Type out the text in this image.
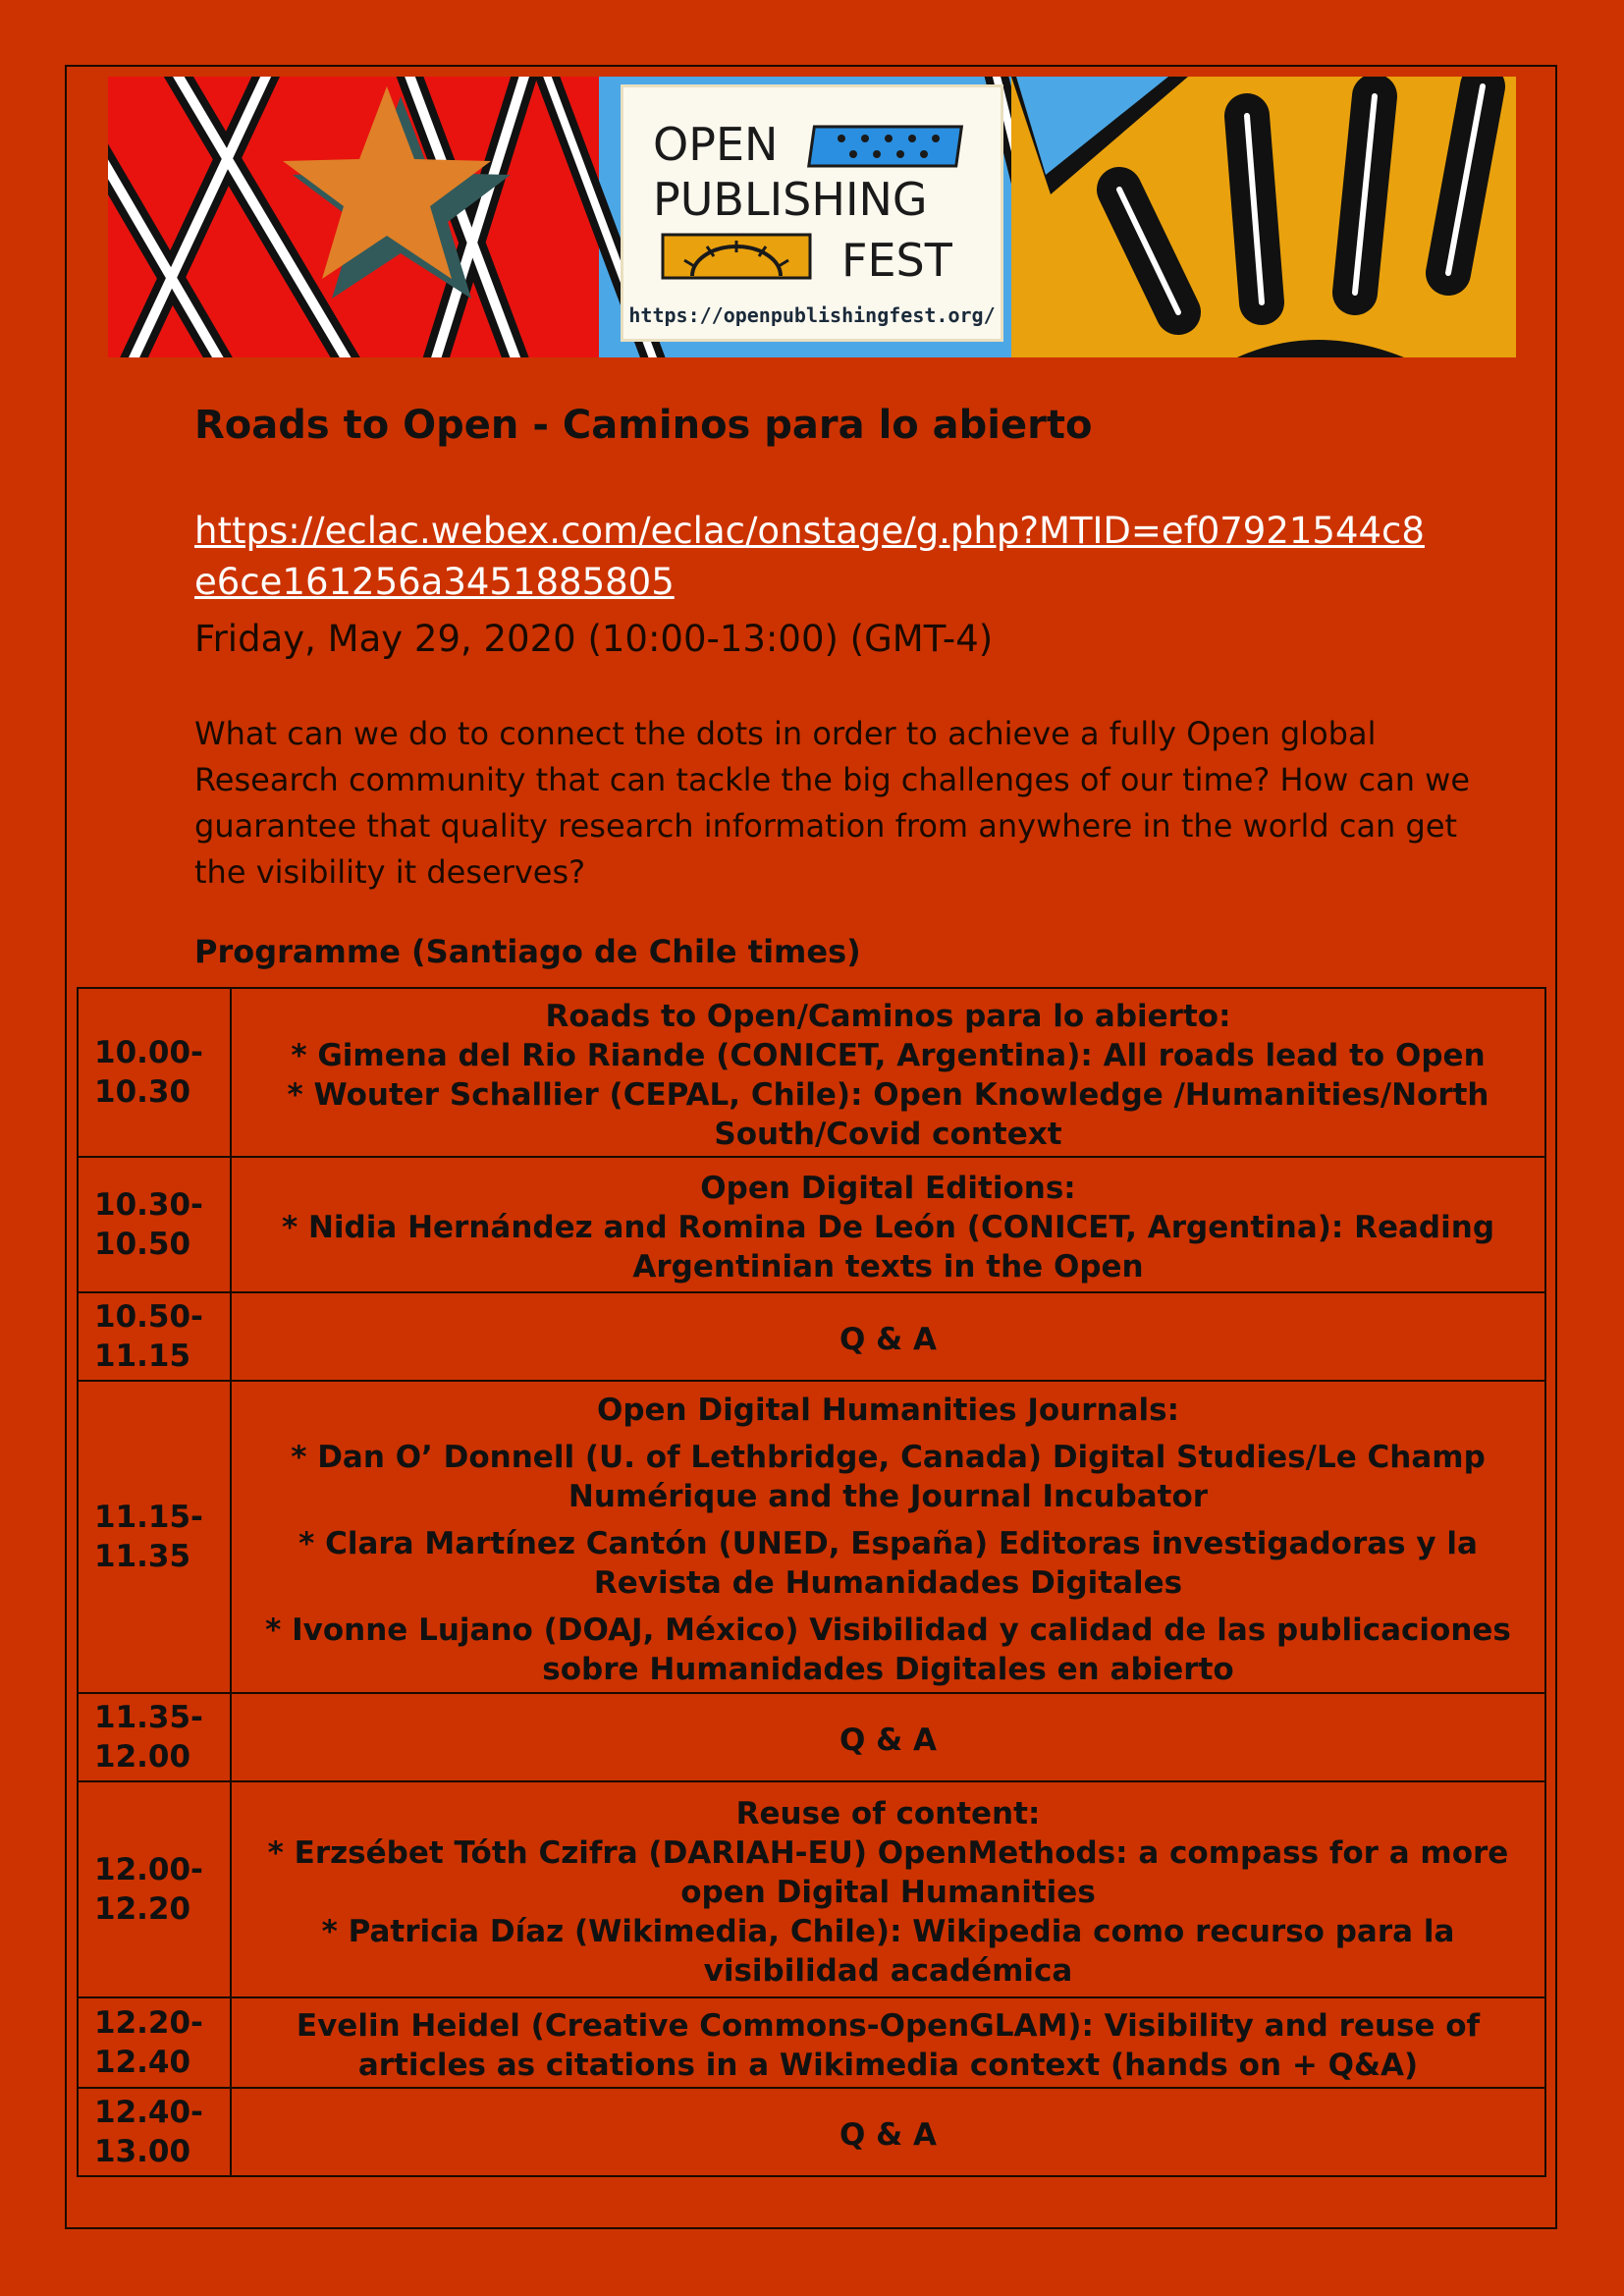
OPEN
PUBLISHING
FEST
https://openpublishingfest.org/
Roads to Open - Caminos para lo abierto
https://eclac.webex.com/eclac/onstage/g.php?MTID=ef07921544c8e6ce161256a3451885805
Friday, May 29, 2020 (10:00-13:00) (GMT-4)

What can we do to connect the dots in order to achieve a fully Open global Research community that can tackle the big challenges of our time? How can we guarantee that quality research information from anywhere in the world can get the visibility it deserves?

Programme (Santiago de Chile times)
10.00-
10.30	Roads to Open/Caminos para lo abierto:
* Gimena del Rio Riande (CONICET, Argentina): All roads lead to Open
* Wouter Schallier (CEPAL, Chile): Open Knowledge /Humanities/North South/Covid context

10.30-
10.50	Open Digital Editions:
* Nidia Hernández and Romina De León (CONICET, Argentina): Reading Argentinian texts in the Open

10.50-
11.15	Q & A

11.15-
11.35	Open Digital Humanities Journals:
* Dan O’ Donnell (U. of Lethbridge, Canada) Digital Studies/Le Champ Numérique and the Journal Incubator
* Clara Martínez Cantón (UNED, España) Editoras investigadoras y la Revista de Humanidades Digitales
* Ivonne Lujano (DOAJ, México) Visibilidad y calidad de las publicaciones sobre Humanidades Digitales en abierto

11.35-
12.00	Q & A

12.00-
12.20	Reuse of content:
* Erzsébet Tóth Czifra (DARIAH-EU) OpenMethods: a compass for a more open Digital Humanities
* Patricia Díaz (Wikimedia, Chile): Wikipedia como recurso para la visibilidad académica

12.20-
12.40	Evelin Heidel (Creative Commons-OpenGLAM): Visibility and reuse of articles as citations in a Wikimedia context (hands on + Q&A)

12.40-
13.00	Q & A
